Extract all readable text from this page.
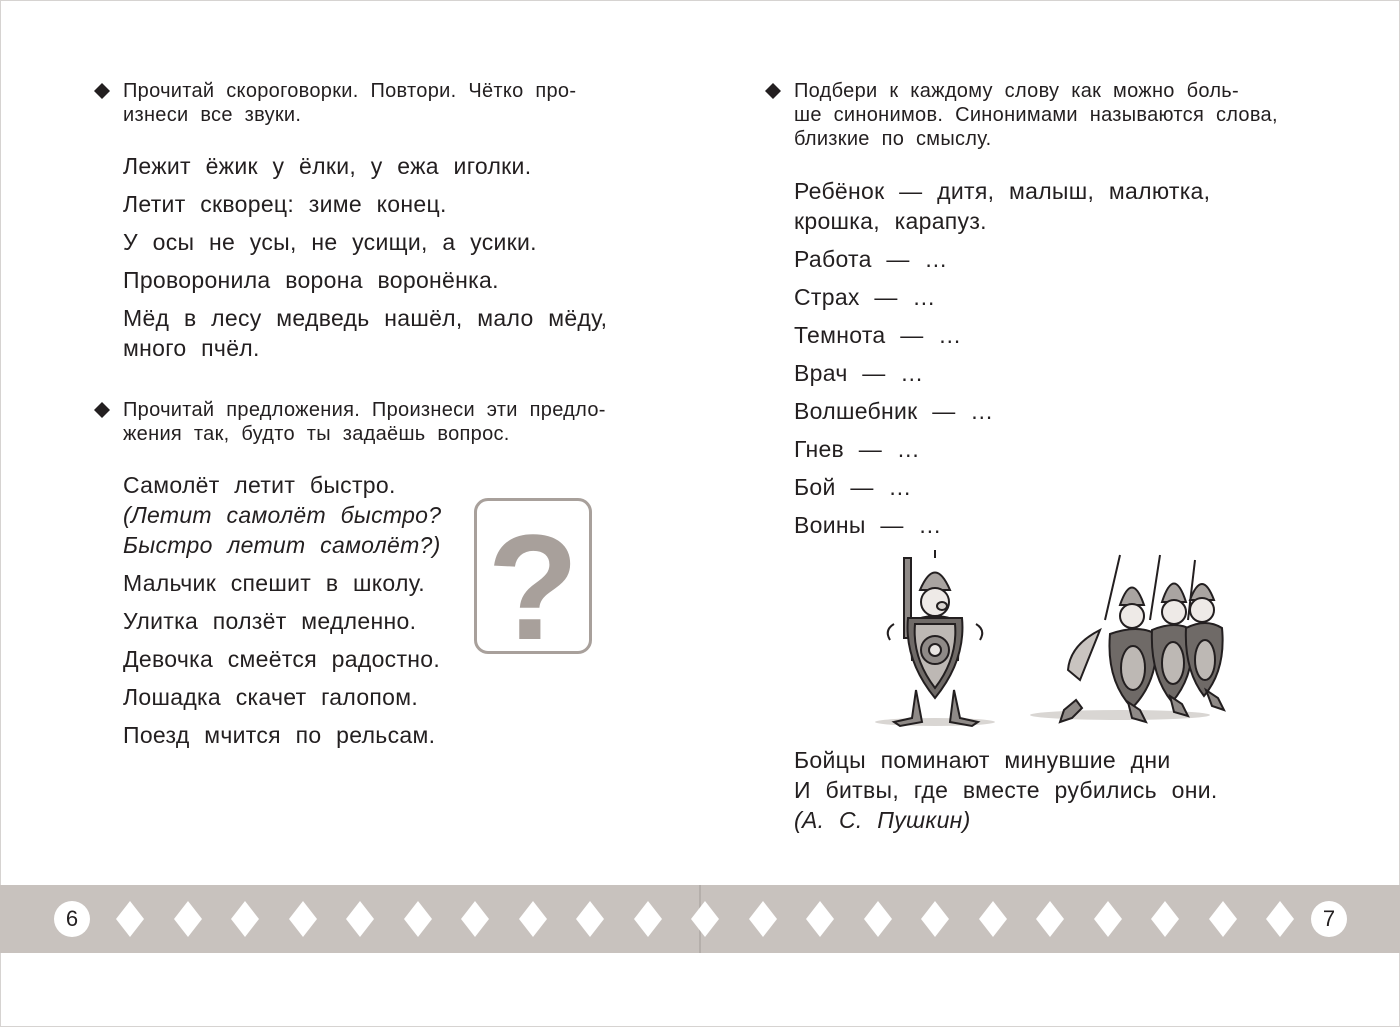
Прочитай скороговорки. Повтори. Чётко про-

изнеси все звуки.

Лежит ёжик у ёлки, у ежа иголки.
Летит скворец: зиме конец.
У осы не усы, не усищи, а усики.
Проворонила ворона воронёнка.
Мёд в лесу медведь нашёл, мало мёду,
много пчёл.

Прочитай предложения. Произнеси эти предло-

жения так, будто ты задаёшь вопрос.

Самолёт летит быстро.
(Летит самолёт быстро?
Быстро летит самолёт?)
Мальчик спешит в школу.
Улитка ползёт медленно.
Девочка смеётся радостно.
Лошадка скачет галопом.
Поезд мчится по рельсам.
?

Подбери к каждому слову как можно боль-

ше синонимов. Синонимами называются слова,

близкие по смыслу.

Ребёнок — дитя, малыш, малютка,
крошка, карапуз.
Работа — …
Страх — …
Темнота — …
Врач — …
Волшебник — …
Гнев — …
Бой — …
Воины — …
Бойцы поминают минувшие дни
И битвы, где вместе рубились они.
(А. С. Пушкин)
6	7
